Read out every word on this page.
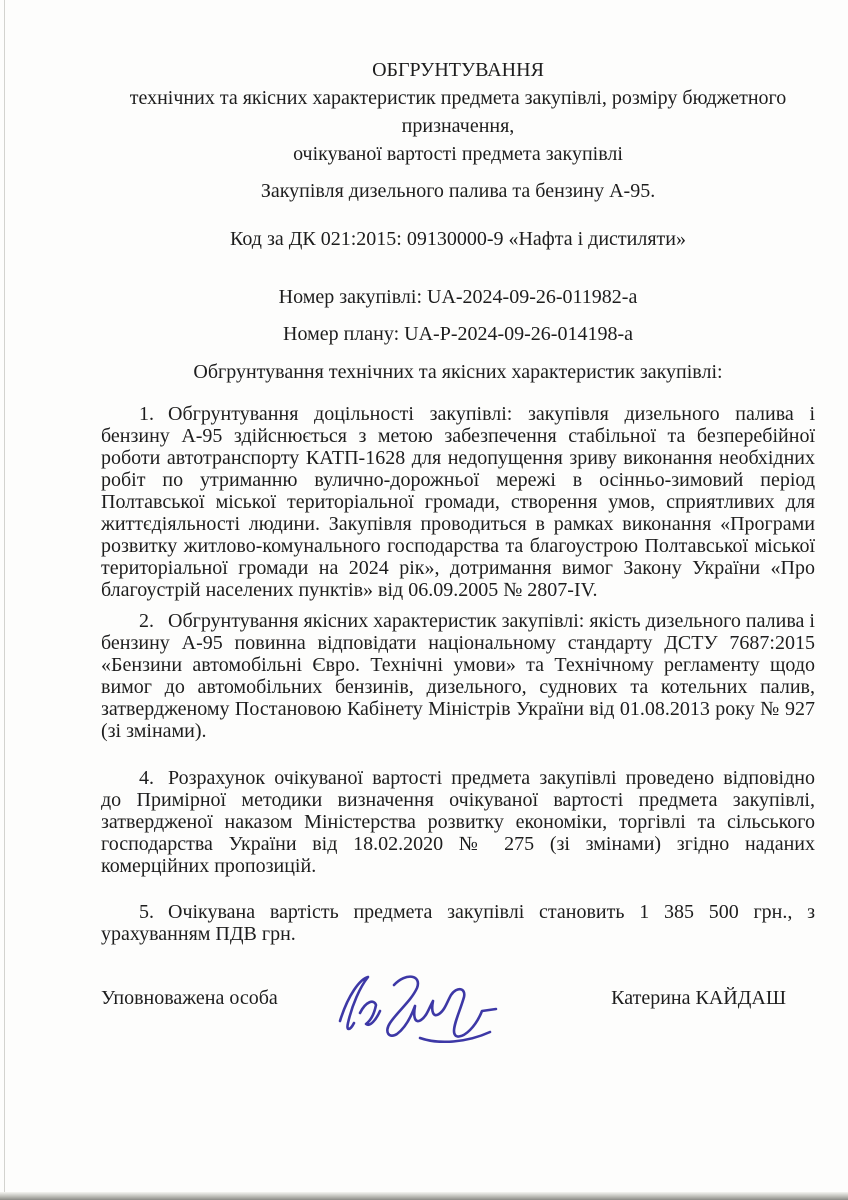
ОБГРУНТУВАННЯ
технічних та якісних характеристик предмета закупівлі, розміру бюджетного призначення,
очікуваної вартості предмета закупівлі
Закупівля дизельного палива та бензину А-95.
Код за ДК 021:2015: 09130000-9 «Нафта і дистиляти»
Номер закупівлі: UA-2024-09-26-011982-a
Номер плану: UA-P-2024-09-26-014198-a
Обгрунтування технічних та якісних характеристик закупівлі:

1. Обгрунтування доцільності закупівлі: закупівля дизельного палива і бензину А-95 здійснюється з метою забезпечення стабільної та безперебійної роботи автотранспорту КАТП-1628 для недопущення зриву виконання необхідних робіт по утриманню вулично-дорожньої мережі в осінньо-зимовий період Полтавської міської територіальної громади, створення умов, сприятливих для життєдіяльності людини. Закупівля проводиться в рамках виконання «Програми розвитку житлово-комунального господарства та благоустрою Полтавської міської територіальної громади на 2024 рік», дотримання вимог Закону України «Про благоустрій населених пунктів» від 06.09.2005 № 2807-IV.

2. Обгрунтування якісних характеристик закупівлі: якість дизельного палива і бензину А-95 повинна відповідати національному стандарту ДСТУ 7687:2015 «Бензини автомобільні Євро. Технічні умови» та Технічному регламенту щодо вимог до автомобільних бензинів, дизельного, суднових та котельних палив, затвердженому Постановою Кабінету Міністрів України від 01.08.2013 року № 927 (зі змінами).

4. Розрахунок очікуваної вартості предмета закупівлі проведено відповідно до Примірної методики визначення очікуваної вартості предмета закупівлі, затвердженої наказом Міністерства розвитку економіки, торгівлі та сільського господарства України від 18.02.2020 № 275 (зі змінами) згідно наданих комерційних пропозицій.

5. Очікувана вартість предмета закупівлі становить 1 385 500 грн., з урахуванням ПДВ грн.

Уповноважена особа	Катерина КАЙДАШ
